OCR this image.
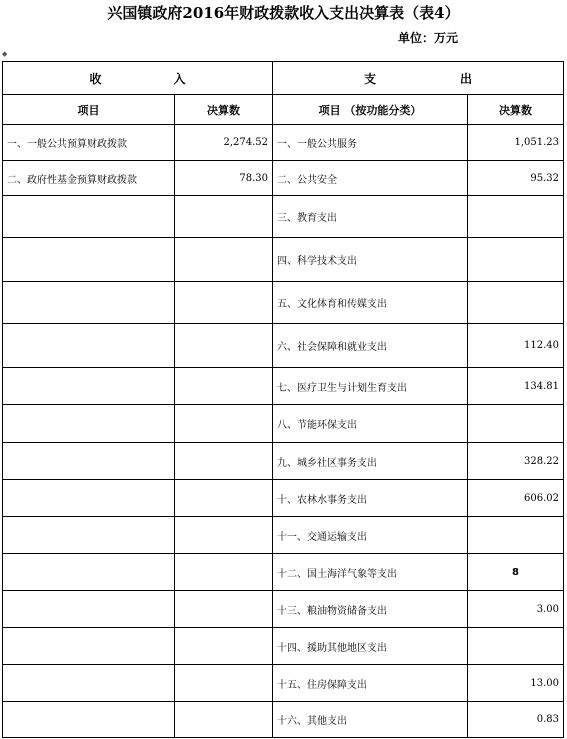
兴国镇政府2016年财政拨款收入支出决算表（表4）
单位：万元
◆
收　　　　　　入		支　　　　　　　出	
项目	决算数	项目 （按功能分类）	决算数
一、一般公共预算财政拨款	2,274.52	一、一般公共服务	1,051.23
二、政府性基金预算财政拨款	78.30	二、公共安全	95.32
		三、教育支出	
		四、科学技术支出	
		五、文化体育和传媒支出	
		六、社会保障和就业支出	112.40
		七、医疗卫生与计划生育支出	134.81
		八、节能环保支出	
		九、城乡社区事务支出	328.22
		十、农林水事务支出	606.02
		十一、交通运输支出	
		十二、国土海洋气象等支出	8
		十三、粮油物资储备支出	3.00
		十四、援助其他地区支出	
		十五、住房保障支出	13.00
		十六、其他支出	0.83
